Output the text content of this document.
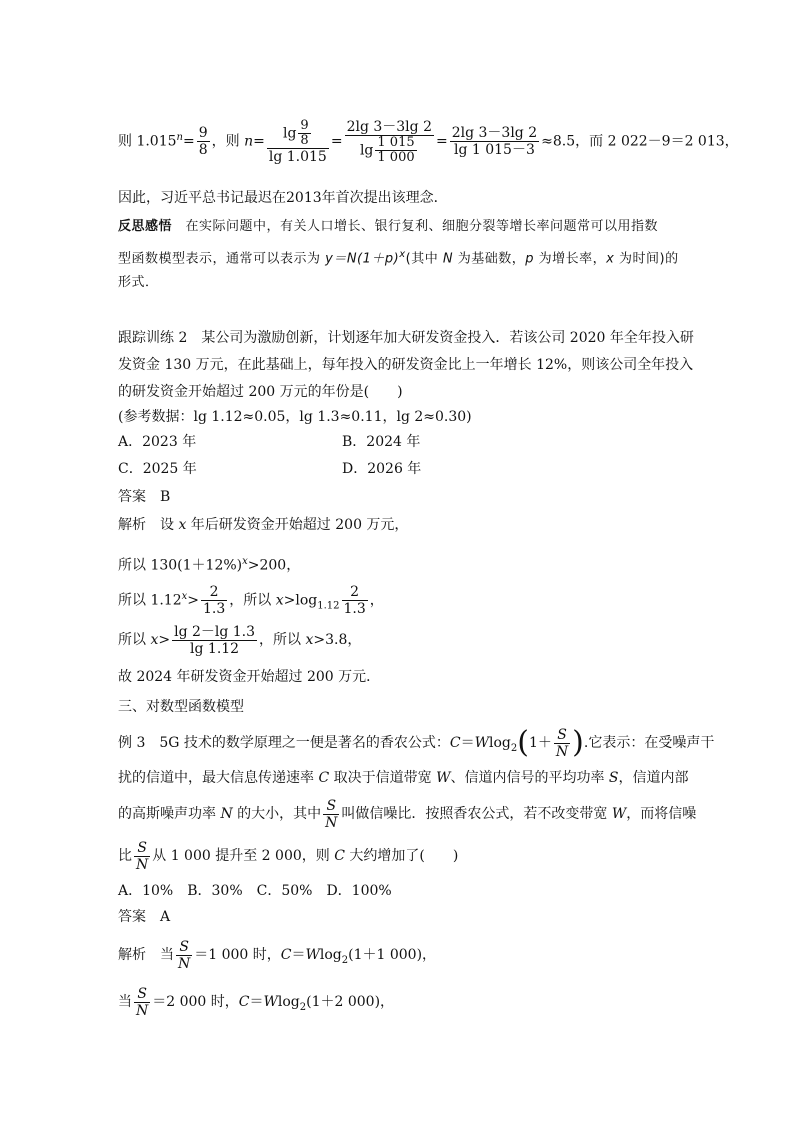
则 $1.015^n= \frac{9}{8}$ ，则 $n= \frac{\lg \frac{9}{8}}{\lg 1.015} = \frac{2\lg 3-3\lg 2}{\lg \frac{1 015}{1 000}} = \frac{2\lg 3-3\lg 2}{\lg 1 015-3} \approx 8.5$，而 2 022－9＝2 013，
因此，习近平总书记最迟在2013年首次提出该理念．
反思感悟　 在实际问题中，有关人口增长、银行复利、细胞分裂等增长率问题常可以用指数
型函数模型表示，通常可以表示为 $y=N(1+p)^x$(其中 N 为基础数，p 为增长率，x 为时间)的
形式．
跟踪训练 2　某公司为激励创新，计划逐年加大研发资金投入．若该公司 2020 年全年投入研
发资金 130 万元，在此基础上，每年投入的研发资金比上一年增长 12%，则该公司全年投入
的研发资金开始超过 200 万元的年份是(　　)
(参考数据：lg 1.12≈0.05，lg 1.3≈0.11，lg 2≈0.30)
A．2023 年	B．2024 年
C．2025 年	D．2026 年
答案　B
解析　 设 x 年后研发资金开始超过 200 万元，
所以 $130(1+12\%)^x>200$，
所以 $1.12^x> \frac{2}{1.3}$ ，所以 $x>\log_{1.12} \frac{2}{1.3}$ ，
所以 $x> \frac{\lg 2-\lg 1.3}{\lg 1.12}$ ，所以 x>3.8，
故 2024 年研发资金开始超过 200 万元．
三、对数型函数模型
例 3　5G 技术的数学原理之一便是著名的香农公式：$C=Wlog_2(1+ \frac{S}{N}$ ).它表示：在受噪声干
扰的信道中，最大信息传递速率 C 取决于信道带宽 W、信道内信号的平均功率 S，信道内部
的高斯噪声功率 N 的大小，其中 $\frac{S}{N}$ 叫做信噪比．按照香农公式，若不改变带宽 W，而将信噪
比 $\frac{S}{N}$ 从 1 000 提升至 2 000，则 C 大约增加了(　　)
A．10%　B．30%　C．50%　D．100%
答案　A
解析　 当 $\frac{S}{N} =1$ 000 时，C＝Wlog$_2$(1＋1 000)，
当 $\frac{S}{N} =2$ 000 时，C＝Wlog$_2$(1＋2 000)，
